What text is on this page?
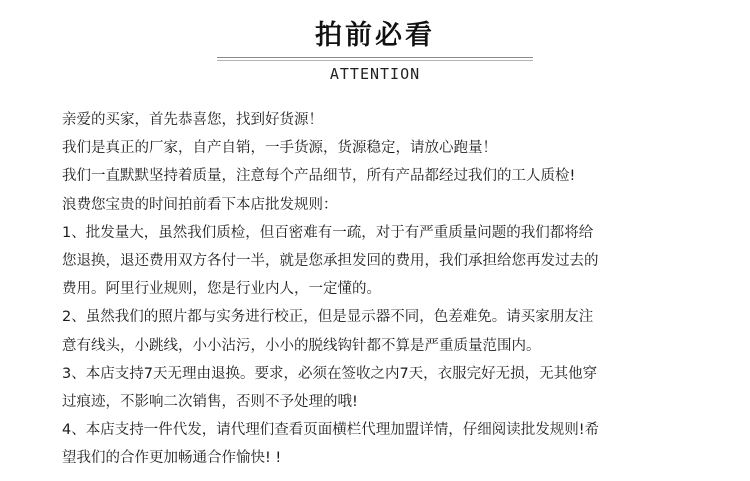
拍前必看
ATTENTION
亲爱的买家，首先恭喜您，找到好货源！
我们是真正的厂家，自产自销，一手货源，货源稳定，请放心跑量！
我们一直默默坚持着质量，注意每个产品细节，所有产品都经过我们的工人质检!
浪费您宝贵的时间拍前看下本店批发规则：
1、批发量大，虽然我们质检，但百密难有一疏，对于有严重质量问题的我们都将给
您退换，退还费用双方各付一半，就是您承担发回的费用，我们承担给您再发过去的
费用。阿里行业规则，您是行业内人，一定懂的。
2、虽然我们的照片都与实务进行校正，但是显示器不同，色差难免。请买家朋友注
意有线头，小跳线，小小沾污，小小的脱线钩针都不算是严重质量范围内。
3、本店支持7天无理由退换。要求，必须在签收之内7天，衣服完好无损，无其他穿
过痕迹，不影响二次销售，否则不予处理的哦!
4、本店支持一件代发，请代理们查看页面横栏代理加盟详情，仔细阅读批发规则!希
望我们的合作更加畅通合作愉快! !
